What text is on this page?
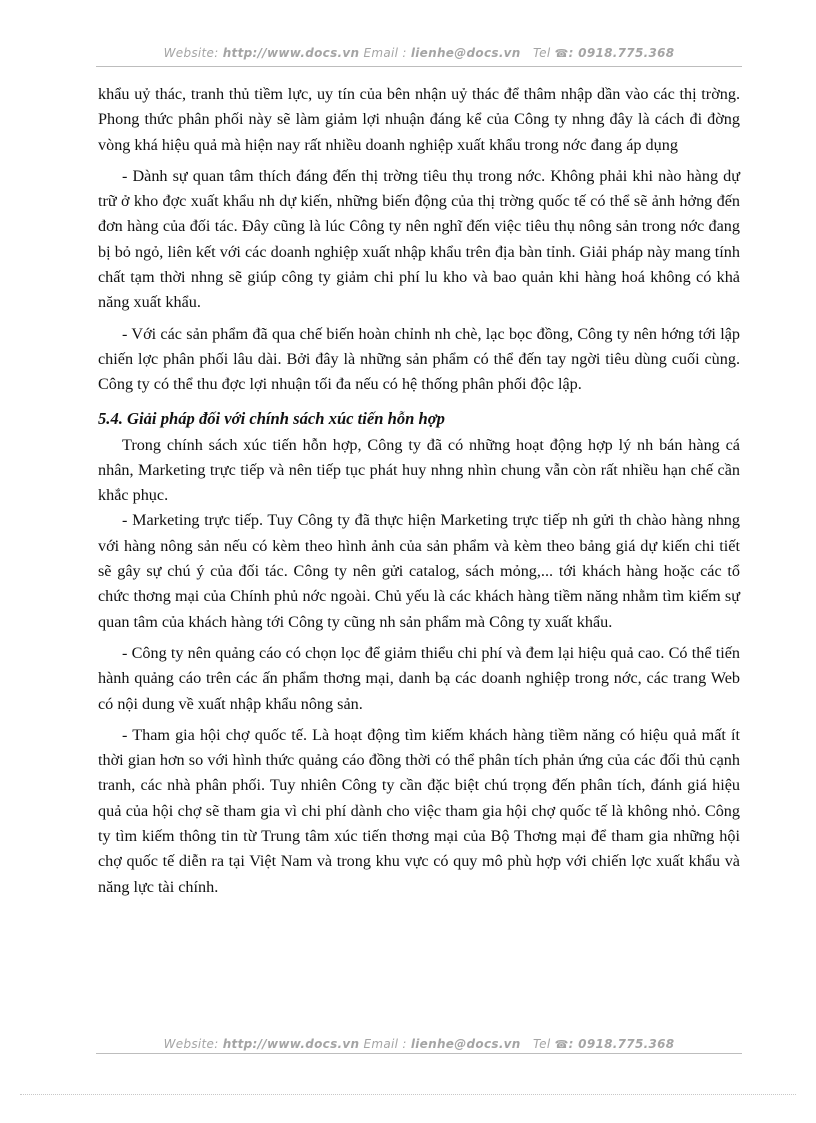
Website: http://www.docs.vn Email : lienhe@docs.vn Tel ☎: 0918.775.368

khẩu uỷ thác, tranh thủ tiềm lực, uy tín của bên nhận uỷ thác để thâm nhập dần vào các thị trờng. Phong thức phân phối này sẽ làm giảm lợi nhuận đáng kể của Công ty nhng đây là cách đi đờng vòng khá hiệu quả mà hiện nay rất nhiều doanh nghiệp xuất khẩu trong nớc đang áp dụng

- Dành sự quan tâm thích đáng đến thị trờng tiêu thụ trong nớc. Không phải khi nào hàng dự trữ ở kho đợc xuất khẩu nh dự kiến, những biến động của thị trờng quốc tế có thể sẽ ảnh hởng đến đơn hàng của đối tác. Đây cũng là lúc Công ty nên nghĩ đến việc tiêu thụ nông sản trong nớc đang bị bỏ ngỏ, liên kết với các doanh nghiệp xuất nhập khẩu trên địa bàn tỉnh. Giải pháp này mang tính chất tạm thời nhng sẽ giúp công ty giảm chi phí lu kho và bao quản khi hàng hoá không có khả năng xuất khẩu.

- Với các sản phẩm đã qua chế biến hoàn chỉnh nh chè, lạc bọc đồng, Công ty nên hớng tới lập chiến lợc phân phối lâu dài. Bởi đây là những sản phẩm có thể đến tay ngời tiêu dùng cuối cùng. Công ty có thể thu đợc lợi nhuận tối đa nếu có hệ thống phân phối độc lập.

5.4. Giải pháp đối với chính sách xúc tiến hỗn hợp

Trong chính sách xúc tiến hỗn hợp, Công ty đã có những hoạt động hợp lý nh bán hàng cá nhân, Marketing trực tiếp và nên tiếp tục phát huy nhng nhìn chung vẫn còn rất nhiều hạn chế cần khắc phục.

- Marketing trực tiếp. Tuy Công ty đã thực hiện Marketing trực tiếp nh gửi th chào hàng nhng với hàng nông sản nếu có kèm theo hình ảnh của sản phẩm và kèm theo bảng giá dự kiến chi tiết sẽ gây sự chú ý của đối tác. Công ty nên gửi catalog, sách mỏng,... tới khách hàng hoặc các tổ chức thơng mại của Chính phủ nớc ngoài. Chủ yếu là các khách hàng tiềm năng nhằm tìm kiếm sự quan tâm của khách hàng tới Công ty cũng nh sản phẩm mà Công ty xuất khẩu.

- Công ty nên quảng cáo có chọn lọc để giảm thiểu chi phí và đem lại hiệu quả cao. Có thể tiến hành quảng cáo trên các ấn phẩm thơng mại, danh bạ các doanh nghiệp trong nớc, các trang Web có nội dung về xuất nhập khẩu nông sản.

- Tham gia hội chợ quốc tế. Là hoạt động tìm kiếm khách hàng tiềm năng có hiệu quả mất ít thời gian hơn so với hình thức quảng cáo đồng thời có thể phân tích phản ứng của các đối thủ cạnh tranh, các nhà phân phối. Tuy nhiên Công ty cần đặc biệt chú trọng đến phân tích, đánh giá hiệu quả của hội chợ sẽ tham gia vì chi phí dành cho việc tham gia hội chợ quốc tế là không nhỏ. Công ty tìm kiếm thông tin từ Trung tâm xúc tiến thơng mại của Bộ Thơng mại để tham gia những hội chợ quốc tế diễn ra tại Việt Nam và trong khu vực có quy mô phù hợp với chiến lợc xuất khẩu và năng lực tài chính.

Website: http://www.docs.vn Email : lienhe@docs.vn Tel ☎: 0918.775.368
